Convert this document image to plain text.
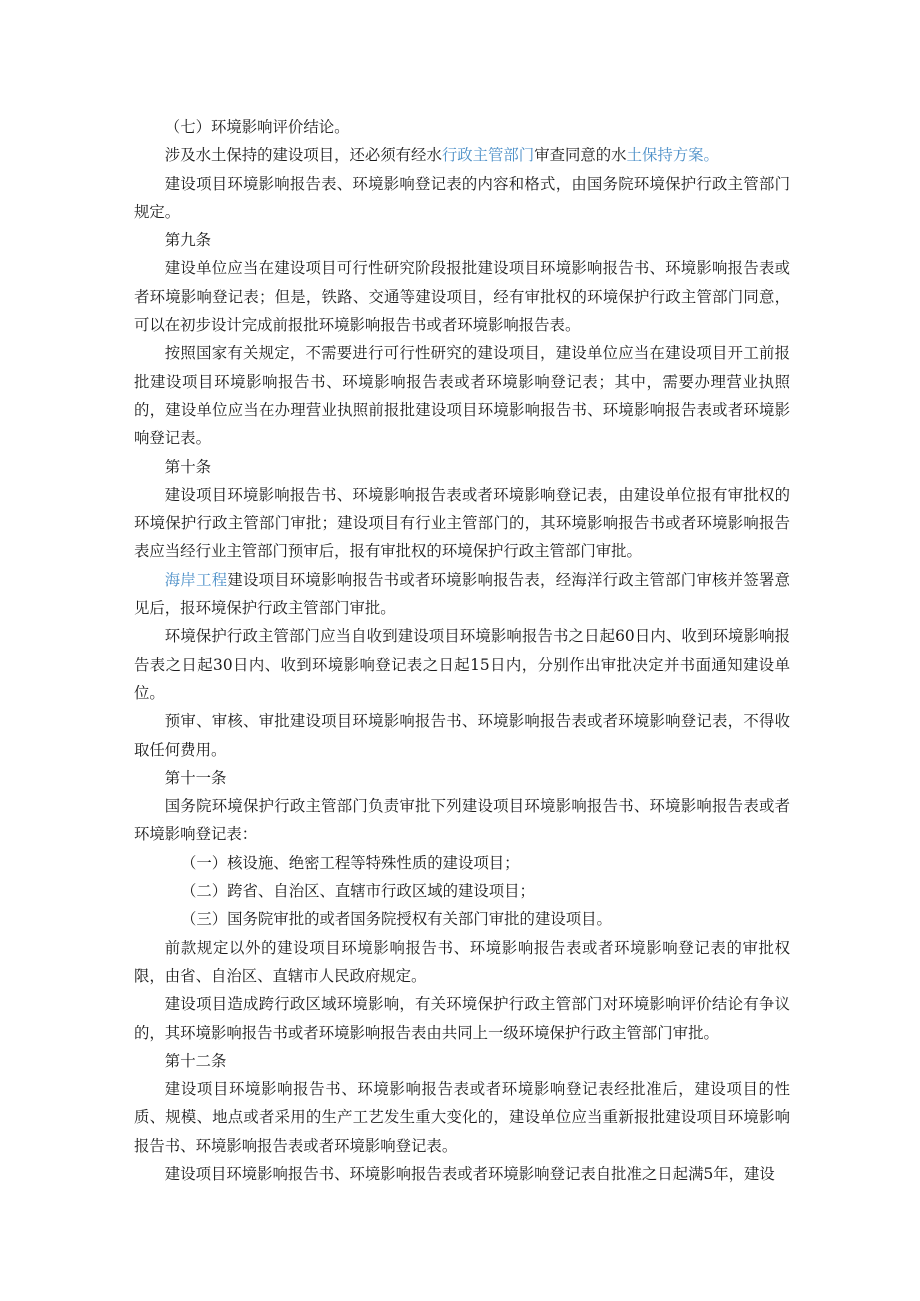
（七）环境影响评价结论。

涉及水土保持的建设项目，还必须有经水行政主管部门审查同意的水土保持方案。

建设项目环境影响报告表、环境影响登记表的内容和格式，由国务院环境保护行政主管部门规定。

第九条

建设单位应当在建设项目可行性研究阶段报批建设项目环境影响报告书、环境影响报告表或者环境影响登记表；但是，铁路、交通等建设项目，经有审批权的环境保护行政主管部门同意，可以在初步设计完成前报批环境影响报告书或者环境影响报告表。

按照国家有关规定，不需要进行可行性研究的建设项目，建设单位应当在建设项目开工前报批建设项目环境影响报告书、环境影响报告表或者环境影响登记表；其中，需要办理营业执照的，建设单位应当在办理营业执照前报批建设项目环境影响报告书、环境影响报告表或者环境影响登记表。

第十条

建设项目环境影响报告书、环境影响报告表或者环境影响登记表，由建设单位报有审批权的环境保护行政主管部门审批；建设项目有行业主管部门的，其环境影响报告书或者环境影响报告表应当经行业主管部门预审后，报有审批权的环境保护行政主管部门审批。

海岸工程建设项目环境影响报告书或者环境影响报告表，经海洋行政主管部门审核并签署意见后，报环境保护行政主管部门审批。

环境保护行政主管部门应当自收到建设项目环境影响报告书之日起60日内、收到环境影响报告表之日起30日内、收到环境影响登记表之日起15日内，分别作出审批决定并书面通知建设单位。

预审、审核、审批建设项目环境影响报告书、环境影响报告表或者环境影响登记表，不得收取任何费用。

第十一条

国务院环境保护行政主管部门负责审批下列建设项目环境影响报告书、环境影响报告表或者环境影响登记表：

（一）核设施、绝密工程等特殊性质的建设项目；

（二）跨省、自治区、直辖市行政区域的建设项目；

（三）国务院审批的或者国务院授权有关部门审批的建设项目。

前款规定以外的建设项目环境影响报告书、环境影响报告表或者环境影响登记表的审批权限，由省、自治区、直辖市人民政府规定。

建设项目造成跨行政区域环境影响，有关环境保护行政主管部门对环境影响评价结论有争议的，其环境影响报告书或者环境影响报告表由共同上一级环境保护行政主管部门审批。

第十二条

建设项目环境影响报告书、环境影响报告表或者环境影响登记表经批准后，建设项目的性质、规模、地点或者采用的生产工艺发生重大变化的，建设单位应当重新报批建设项目环境影响报告书、环境影响报告表或者环境影响登记表。

建设项目环境影响报告书、环境影响报告表或者环境影响登记表自批准之日起满5年，建设
